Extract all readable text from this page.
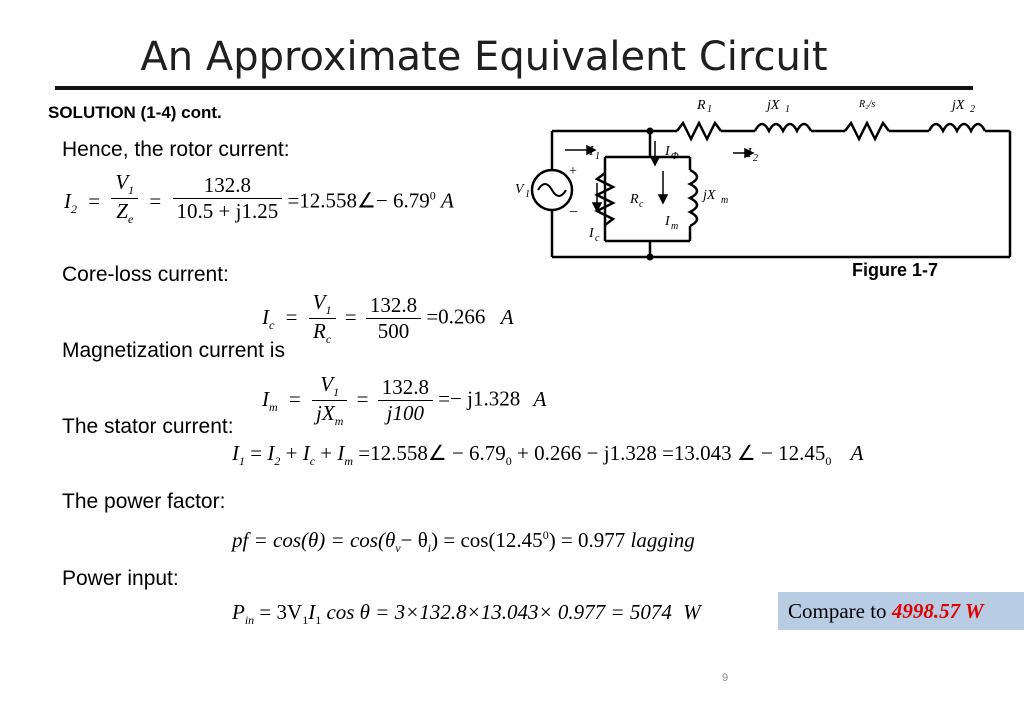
An Approximate Equivalent Circuit
SOLUTION (1-4) cont.
Hence, the rotor current:
$I_2 = \frac{V_1}{Z_e} = \frac{132.8}{10.5 + j1.25}$ =12.558∠− $6.79^0$ A
Core-loss current:
$I_c = \frac{V_1}{R_c} = \frac{132.8}{500} =0.266$ A
Magnetization current is
$I_m = \frac{V_1}{jX_m} = \frac{132.8}{j100} =- j1.328$ A
The stator current:
$I_1 = I_2 + I_c + I_m$ =12.558∠ − $6.79_0 + 0.266 - j1.328 =13.043$ ∠ − $12.45_0$ A
The power factor:
pf = $\cos(\theta) = \cos(\theta_v- \theta_i) = \cos(12.45^0) = 0.977$ lagging
Power input:
$P_{in} = 3V_1I_1$ cos θ = 3×132.8×13.043× 0.977 = 5074 W	Compare to 4998.57 W
R 1	jX 1	R₂/s	jX 2
V 1
I 1	I Φ	I 2
R c
jX m
I c
I m
+
−
Figure 1-7
9
